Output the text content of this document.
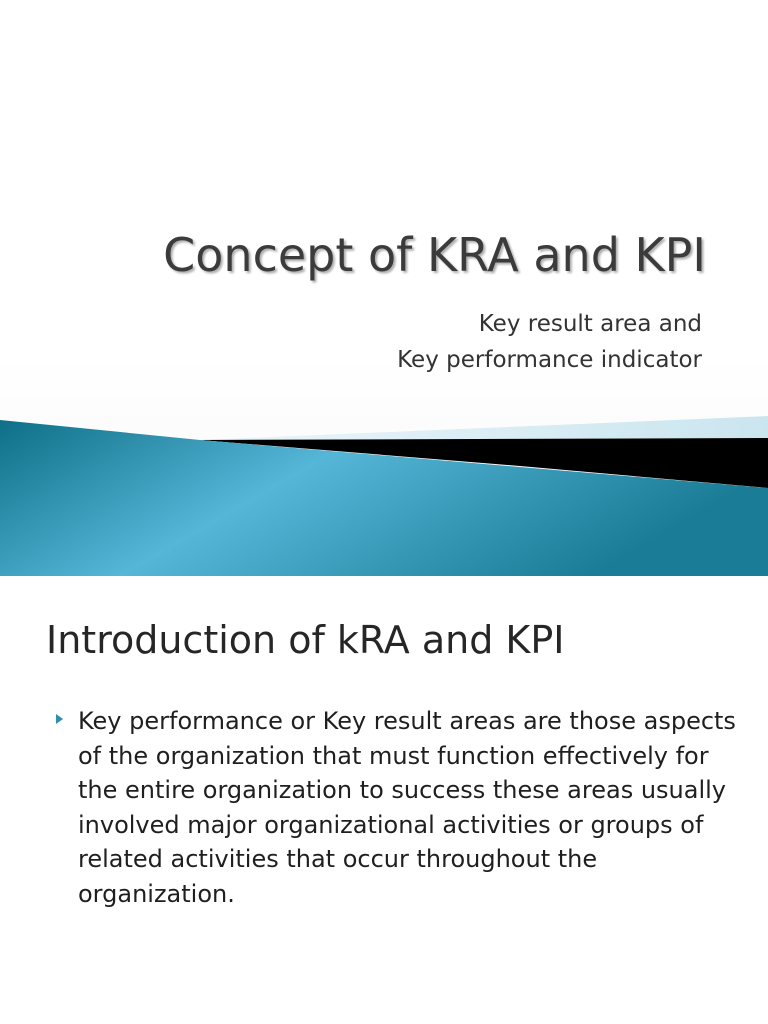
Concept of KRA and KPI
Key result area and
Key performance indicator
Introduction of kRA and KPI
Key performance or Key result areas are those aspects of the organization that must function effectively for the entire organization to success these areas usually involved major organizational activities or groups of related activities that occur throughout the organization.
